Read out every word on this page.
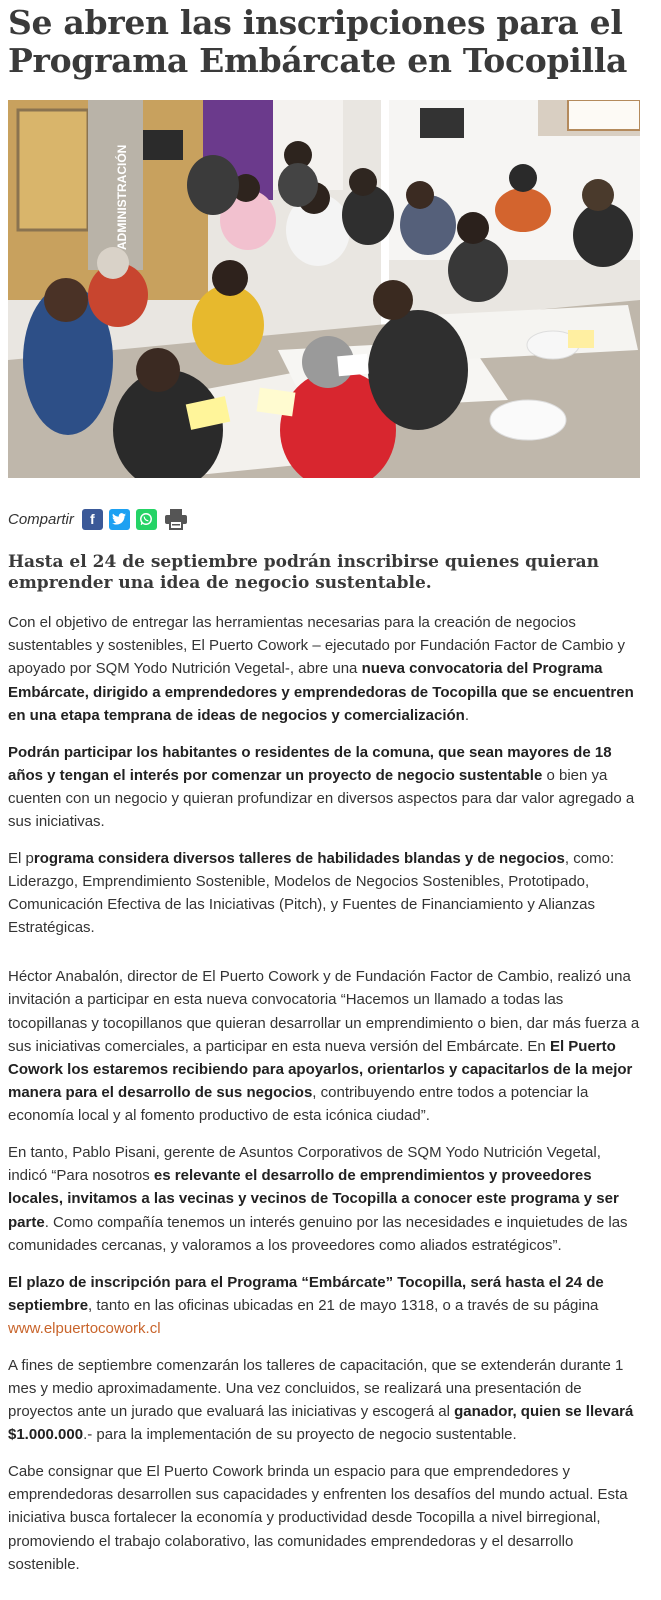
Se abren las inscripciones para el Programa Embárcate en Tocopilla
ADMINISTRACIÓN
Compartir	f
Hasta el 24 de septiembre podrán inscribirse quienes quieran emprender una idea de negocio sustentable.

Con el objetivo de entregar las herramientas necesarias para la creación de negocios sustentables y sostenibles, El Puerto Cowork – ejecutado por Fundación Factor de Cambio y apoyado por SQM Yodo Nutrición Vegetal-, abre una nueva convocatoria del Programa Embárcate, dirigido a emprendedores y emprendedoras de Tocopilla que se encuentren en una etapa temprana de ideas de negocios y comercialización.

Podrán participar los habitantes o residentes de la comuna, que sean mayores de 18 años y tengan el interés por comenzar un proyecto de negocio sustentable o bien ya cuenten con un negocio y quieran profundizar en diversos aspectos para dar valor agregado a sus iniciativas.

El programa considera diversos talleres de habilidades blandas y de negocios, como: Liderazgo, Emprendimiento Sostenible, Modelos de Negocios Sostenibles, Prototipado, Comunicación Efectiva de las Iniciativas (Pitch), y Fuentes de Financiamiento y Alianzas Estratégicas.

Héctor Anabalón, director de El Puerto Cowork y de Fundación Factor de Cambio, realizó una invitación a participar en esta nueva convocatoria “Hacemos un llamado a todas las tocopillanas y tocopillanos que quieran desarrollar un emprendimiento o bien, dar más fuerza a sus iniciativas comerciales, a participar en esta nueva versión del Embárcate. En El Puerto Cowork los estaremos recibiendo para apoyarlos, orientarlos y capacitarlos de la mejor manera para el desarrollo de sus negocios, contribuyendo entre todos a potenciar la economía local y al fomento productivo de esta icónica ciudad”.

En tanto, Pablo Pisani, gerente de Asuntos Corporativos de SQM Yodo Nutrición Vegetal, indicó “Para nosotros es relevante el desarrollo de emprendimientos y proveedores locales, invitamos a las vecinas y vecinos de Tocopilla a conocer este programa y ser parte. Como compañía tenemos un interés genuino por las necesidades e inquietudes de las comunidades cercanas, y valoramos a los proveedores como aliados estratégicos”.

El plazo de inscripción para el Programa “Embárcate” Tocopilla, será hasta el 24 de septiembre, tanto en las oficinas ubicadas en 21 de mayo 1318, o a través de su página www.elpuertocowork.cl

A fines de septiembre comenzarán los talleres de capacitación, que se extenderán durante 1 mes y medio aproximadamente. Una vez concluidos, se realizará una presentación de proyectos ante un jurado que evaluará las iniciativas y escogerá al ganador, quien se llevará $1.000.000.- para la implementación de su proyecto de negocio sustentable.

Cabe consignar que El Puerto Cowork brinda un espacio para que emprendedores y emprendedoras desarrollen sus capacidades y enfrenten los desafíos del mundo actual. Esta iniciativa busca fortalecer la economía y productividad desde Tocopilla a nivel birregional, promoviendo el trabajo colaborativo, las comunidades emprendedoras y el desarrollo sostenible.
